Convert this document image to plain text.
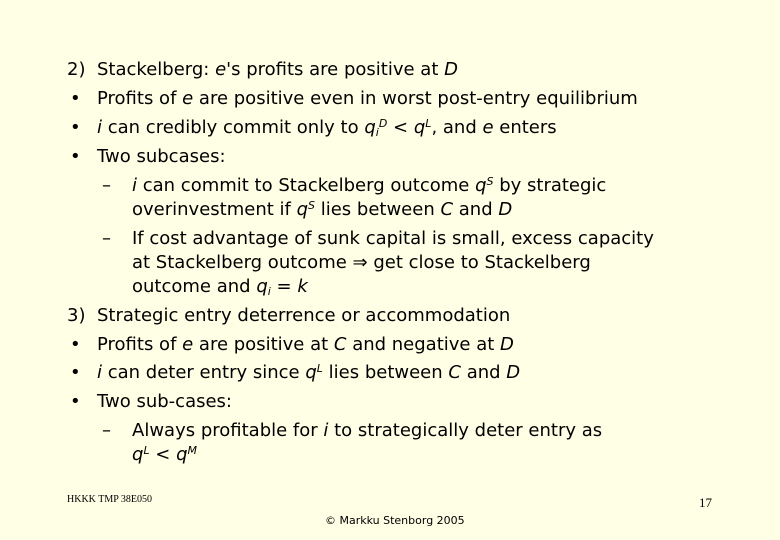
2) Stackelberg: e's profits are positive at D
• Profits of e are positive even in worst post-entry equilibrium
• i can credibly commit only to $q_i^D < q^L$, and e enters
• Two subcases:
– i can commit to Stackelberg outcome $q^S$ by strategic
overinvestment if $q^S$ lies between C and D
– If cost advantage of sunk capital is small, excess capacity
at Stackelberg outcome ⇒ get close to Stackelberg
outcome and $q_i = k$
3) Strategic entry deterrence or accommodation
• Profits of e are positive at C and negative at D
• i can deter entry since $q^L$ lies between C and D
• Two sub-cases:
– Always profitable for i to strategically deter entry as
$q^L < q^M$
HKKK TMP 38E050	17
© Markku Stenborg 2005
